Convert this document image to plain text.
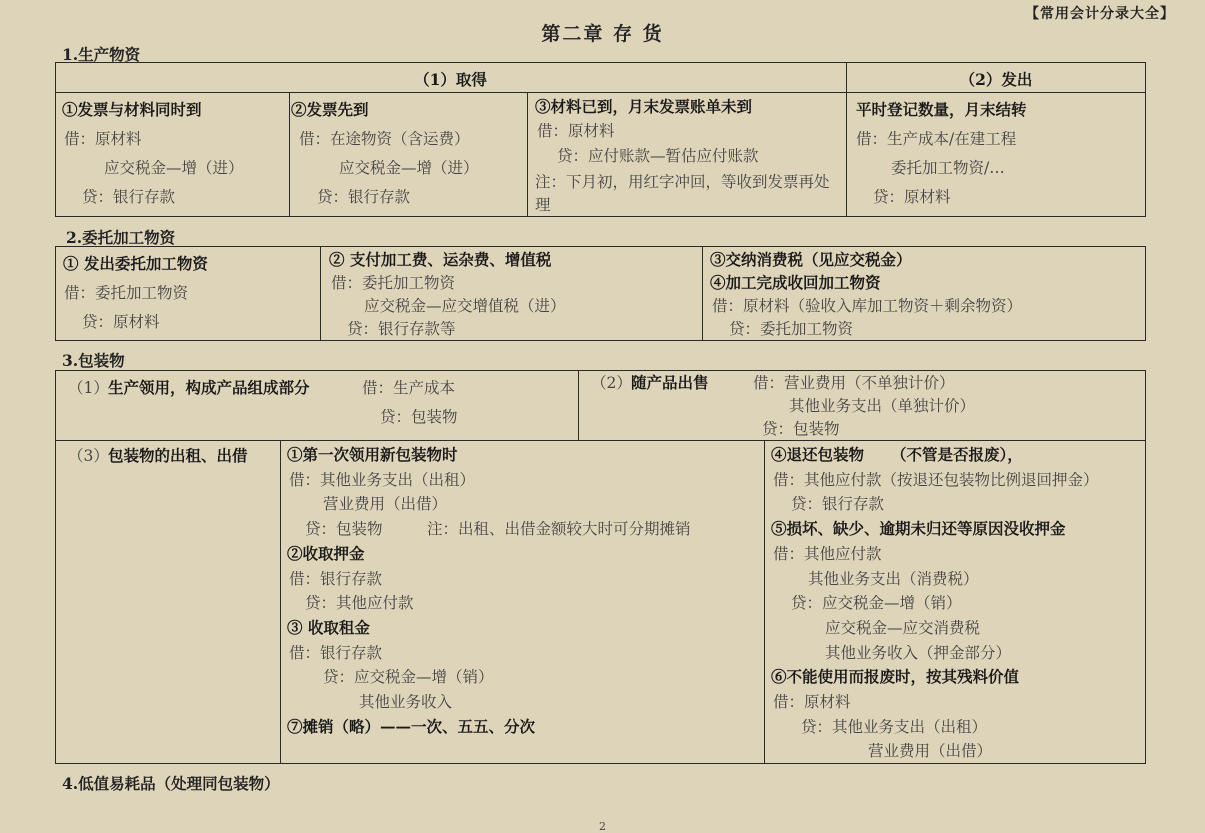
【常用会计分录大全】
第二章 存 货
1.生产物资
（1）取得	（2）发出
①发票与材料同时到
借：原材料
应交税金—增（进）
贷：银行存款
②发票先到
借：在途物资（含运费）
应交税金—增（进）
贷：银行存款
③材料已到，月末发票账单未到
借：原材料
贷：应付账款—暂估应付账款
注：下月初，用红字冲回，等收到发票再处理
平时登记数量，月末结转
借：生产成本/在建工程
委托加工物资/…
贷：原材料
2.委托加工物资
① 发出委托加工物资
借：委托加工物资
贷：原材料
② 支付加工费、运杂费、增值税
借：委托加工物资
应交税金—应交增值税（进）
贷：银行存款等
③交纳消费税（见应交税金）
④加工完成收回加工物资
借：原材料（验收入库加工物资＋剩余物资）
贷：委托加工物资
3.包装物
（1） 生产领用，构成产品组成部分	借：生产成本
贷：包装物
（2） 随产品出售	借：营业费用（不单独计价）
其他业务支出（单独计价）
贷：包装物
（3） 包装物的出租、出借	①第一次领用新包装物时
借：其他业务支出（出租）
营业费用（出借）
贷：包装物	注：出租、出借金额较大时可分期摊销
②收取押金
借：银行存款
贷：其他应付款
③ 收取租金
借：银行存款
贷：应交税金—增（销）
其他业务收入
⑦摊销（略）——一次、五五、分次
④退还包装物 （不管是否报废），
借：其他应付款（按退还包装物比例退回押金）
贷：银行存款
⑤损坏、缺少、逾期未归还等原因没收押金
借：其他应付款
其他业务支出（消费税）
贷：应交税金—增（销）
应交税金—应交消费税
其他业务收入（押金部分）
⑥不能使用而报废时，按其残料价值
借：原材料
贷：其他业务支出（出租）
营业费用（出借）
4.低值易耗品（处理同包装物）
2
